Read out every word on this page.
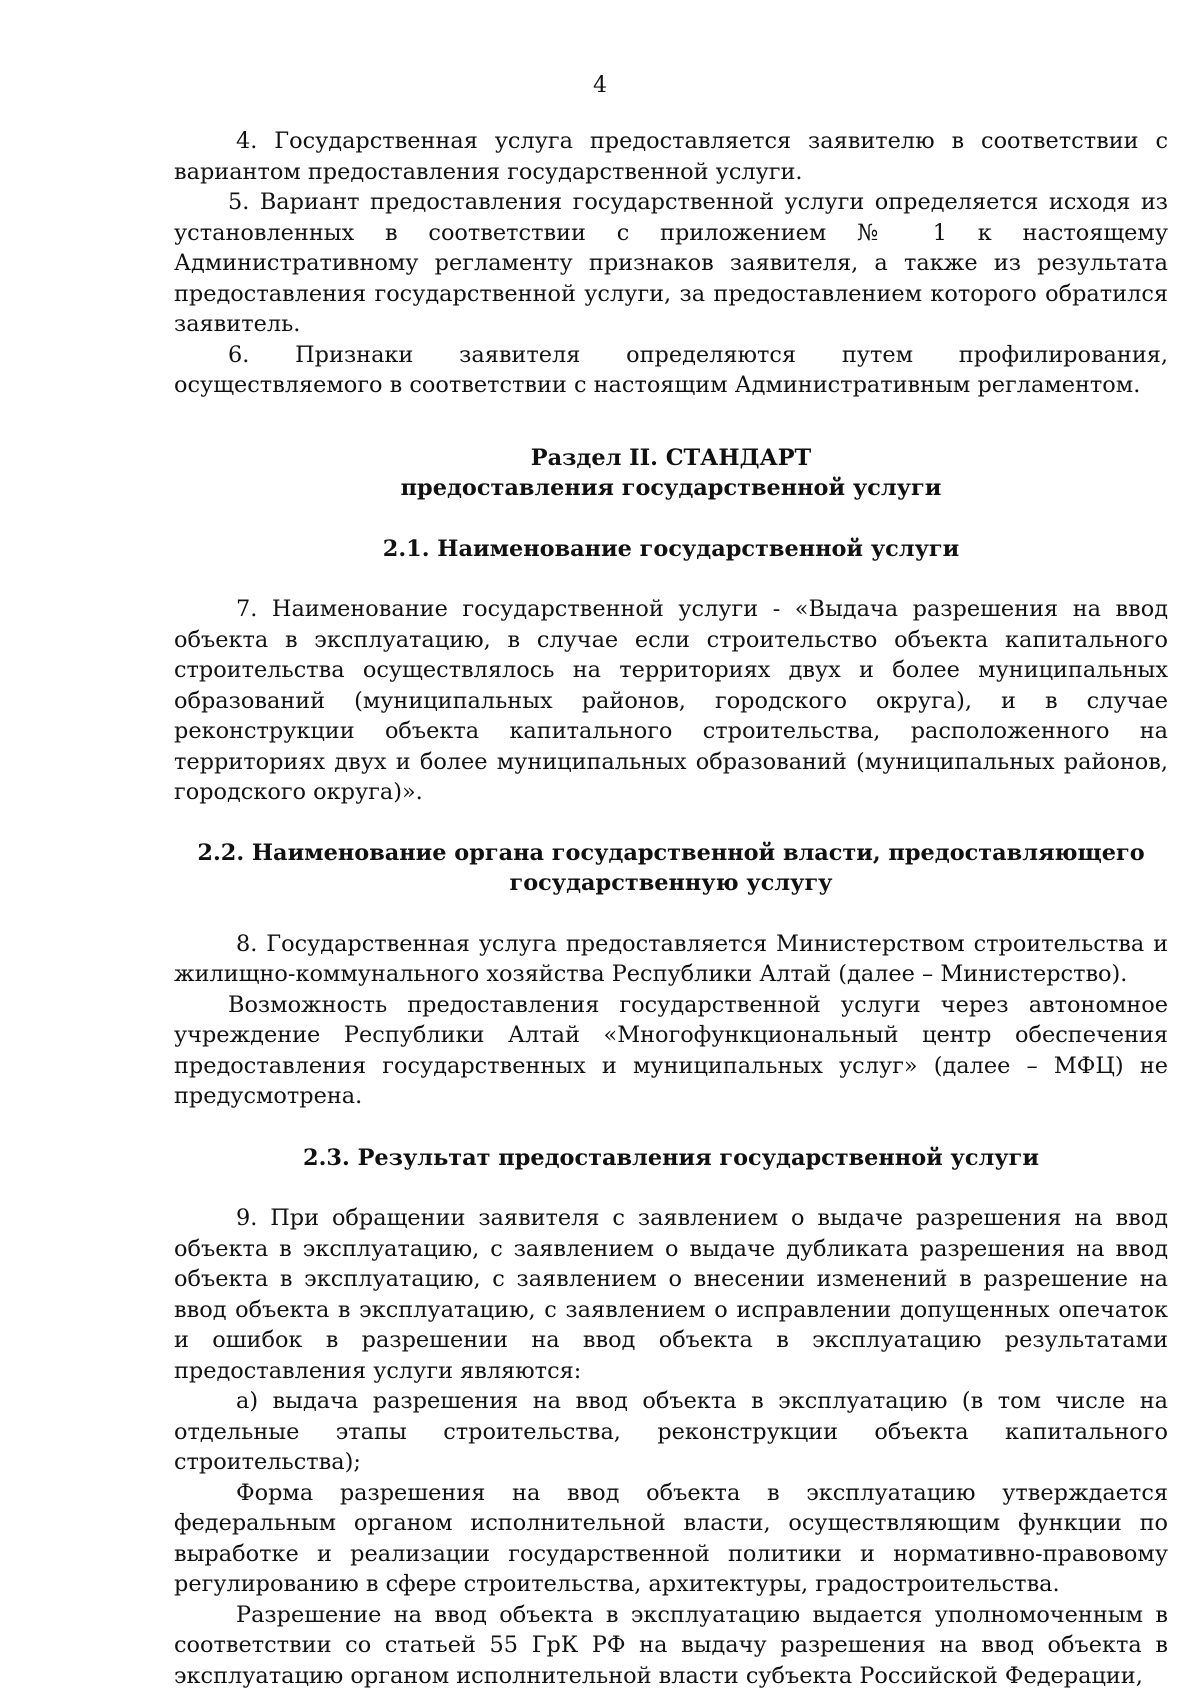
4

4. Государственная услуга предоставляется заявителю в соответствии с вариантом предоставления государственной услуги.

5. Вариант предоставления государственной услуги определяется исходя из установленных в соответствии с приложением № 1 к настоящему Административному регламенту признаков заявителя, а также из результата предоставления государственной услуги, за предоставлением которого обратился заявитель.

6. Признаки заявителя определяются путем профилирования, осуществляемого в соответствии с настоящим Административным регламентом.

Раздел II. СТАНДАРТ
предоставления государственной услуги
2.1. Наименование государственной услуги

7. Наименование государственной услуги - «Выдача разрешения на ввод объекта в эксплуатацию, в случае если строительство объекта капитального строительства осуществлялось на территориях двух и более муниципальных образований (муниципальных районов, городского округа), и в случае реконструкции объекта капитального строительства, расположенного на территориях двух и более муниципальных образований (муниципальных районов, городского округа)».

2.2. Наименование органа государственной власти, предоставляющего
государственную услугу

8. Государственная услуга предоставляется Министерством строительства и жилищно-коммунального хозяйства Республики Алтай (далее – Министерство).

Возможность предоставления государственной услуги через автономное учреждение Республики Алтай «Многофункциональный центр обеспечения предоставления государственных и муниципальных услуг» (далее – МФЦ) не предусмотрена.

2.3. Результат предоставления государственной услуги

9. При обращении заявителя с заявлением о выдаче разрешения на ввод объекта в эксплуатацию, с заявлением о выдаче дубликата разрешения на ввод объекта в эксплуатацию, с заявлением о внесении изменений в разрешение на ввод объекта в эксплуатацию, с заявлением о исправлении допущенных опечаток и ошибок в разрешении на ввод объекта в эксплуатацию результатами предоставления услуги являются:

а) выдача разрешения на ввод объекта в эксплуатацию (в том числе на отдельные этапы строительства, реконструкции объекта капитального строительства);

Форма разрешения на ввод объекта в эксплуатацию утверждается федеральным органом исполнительной власти, осуществляющим функции по выработке и реализации государственной политики и нормативно-правовому регулированию в сфере строительства, архитектуры, градостроительства.

Разрешение на ввод объекта в эксплуатацию выдается уполномоченным в соответствии со статьей 55 ГрК РФ на выдачу разрешения на ввод объекта в эксплуатацию органом исполнительной власти субъекта Российской Федерации,
